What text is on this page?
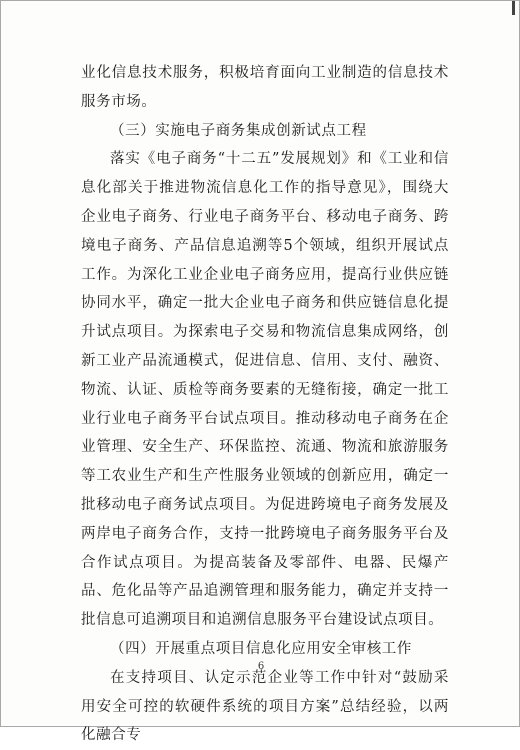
业化信息技术服务，积极培育面向工业制造的信息技术服务市场。

（三）实施电子商务集成创新试点工程

落实《电子商务“十二五”发展规划》和《工业和信息化部关于推进物流信息化工作的指导意见》，围绕大企业电子商务、行业电子商务平台、移动电子商务、跨境电子商务、产品信息追溯等5个领域，组织开展试点工作。为深化工业企业电子商务应用，提高行业供应链协同水平，确定一批大企业电子商务和供应链信息化提升试点项目。为探索电子交易和物流信息集成网络，创新工业产品流通模式，促进信息、信用、支付、融资、物流、认证、质检等商务要素的无缝衔接，确定一批工业行业电子商务平台试点项目。推动移动电子商务在企业管理、安全生产、环保监控、流通、物流和旅游服务等工农业生产和生产性服务业领域的创新应用，确定一批移动电子商务试点项目。为促进跨境电子商务发展及两岸电子商务合作，支持一批跨境电子商务服务平台及合作试点项目。为提高装备及零部件、电器、民爆产品、危化品等产品追溯管理和服务能力，确定并支持一批信息可追溯项目和追溯信息服务平台建设试点项目。

（四）开展重点项目信息化应用安全审核工作

在支持项目、认定示范企业等工作中针对“鼓励采用安全可控的软硬件系统的项目方案”总结经验，以两化融合专

6
